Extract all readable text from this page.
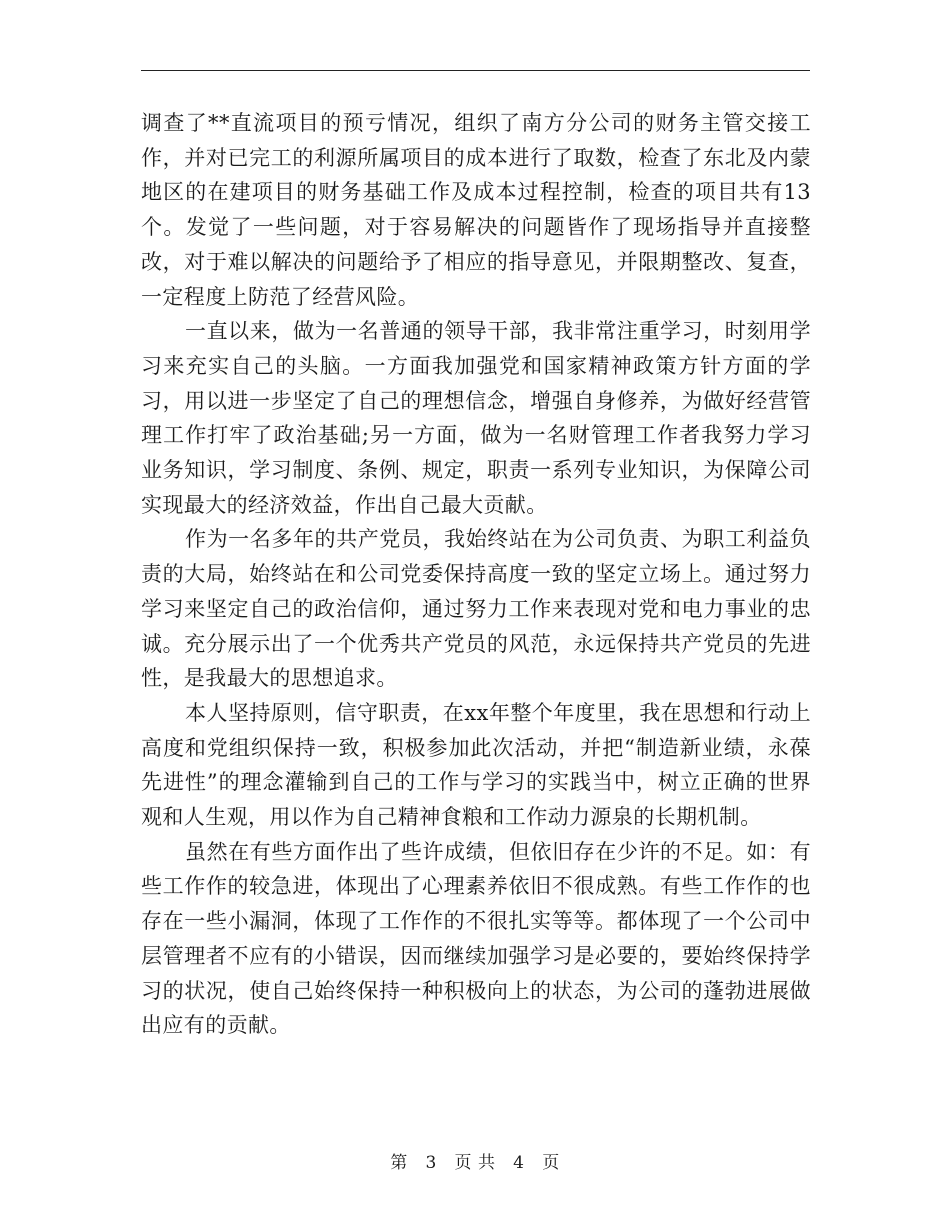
调查了**直流项目的预亏情况，组织了南方分公司的财务主管交接工作，并对已完工的利源所属项目的成本进行了取数，检查了东北及内蒙地区的在建项目的财务基础工作及成本过程控制，检查的项目共有13个。发觉了一些问题，对于容易解决的问题皆作了现场指导并直接整改，对于难以解决的问题给予了相应的指导意见，并限期整改、复查，一定程度上防范了经营风险。

一直以来，做为一名普通的领导干部，我非常注重学习，时刻用学习来充实自己的头脑。一方面我加强党和国家精神政策方针方面的学习，用以进一步坚定了自己的理想信念，增强自身修养，为做好经营管理工作打牢了政治基础;另一方面，做为一名财管理工作者我努力学习业务知识，学习制度、条例、规定，职责一系列专业知识，为保障公司实现最大的经济效益，作出自己最大贡献。

作为一名多年的共产党员，我始终站在为公司负责、为职工利益负责的大局，始终站在和公司党委保持高度一致的坚定立场上。通过努力学习来坚定自己的政治信仰，通过努力工作来表现对党和电力事业的忠诚。充分展示出了一个优秀共产党员的风范，永远保持共产党员的先进性，是我最大的思想追求。

本人坚持原则，信守职责，在xx年整个年度里，我在思想和行动上高度和党组织保持一致，积极参加此次活动，并把“制造新业绩，永葆先进性”的理念灌输到自己的工作与学习的实践当中，树立正确的世界观和人生观，用以作为自己精神食粮和工作动力源泉的长期机制。

虽然在有些方面作出了些许成绩，但依旧存在少许的不足。如：有些工作作的较急进，体现出了心理素养依旧不很成熟。有些工作作的也存在一些小漏洞，体现了工作作的不很扎实等等。都体现了一个公司中层管理者不应有的小错误，因而继续加强学习是必要的，要始终保持学习的状况，使自己始终保持一种积极向上的状态，为公司的蓬勃进展做出应有的贡献。

第 3 页 共 4 页
